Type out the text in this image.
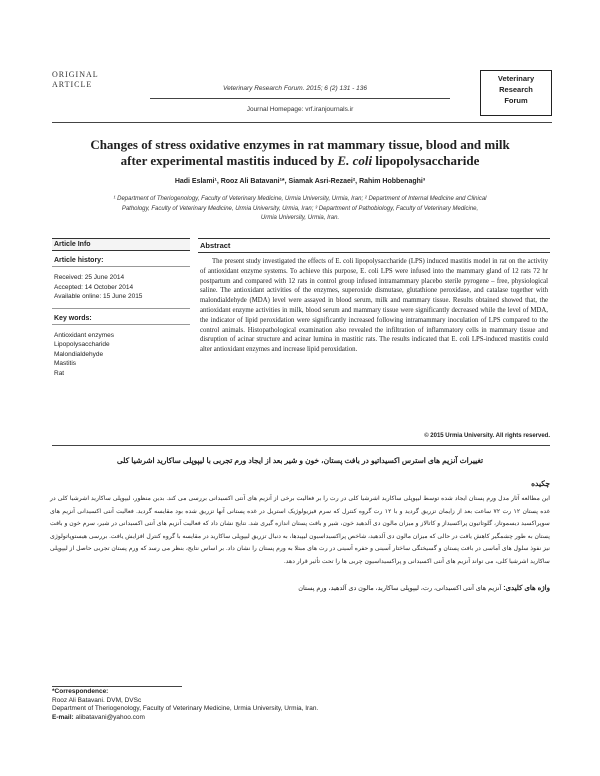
ORIGINAL
ARTICLE	Veterinary Research Forum. 2015; 6 (2) 131 - 136
Journal Homepage: vrf.iranjournals.ir
Veterinary
Research
Forum
Changes of stress oxidative enzymes in rat mammary tissue, blood and milk
after experimental mastitis induced by E. coli lipopolysaccharide
Hadi Eslami¹, Rooz Ali Batavani¹*, Siamak Asri-Rezaei², Rahim Hobbenaghi³
¹ Department of Theriogenology, Faculty of Veterinary Medicine, Urmia University, Urmia, Iran; ² Department of Internal Medicine and Clinical
Pathology, Faculty of Veterinary Medicine, Urmia University, Urmia, Iran; ³ Department of Pathobiology, Faculty of Veterinary Medicine,
Urmia University, Urmia, Iran.
Article Info
Article history:
Received: 25 June 2014
Accepted: 14 October 2014
Available online: 15 June 2015
Key words:
Antioxidant enzymes
Lipopolysaccharide
Malondialdehyde
Mastitis
Rat
Abstract
The present study investigated the effects of E. coli lipopolysaccharide (LPS) induced mastitis model in rat on the activity of antioxidant enzyme systems. To achieve this purpose, E. coli LPS were infused into the mammary gland of 12 rats 72 hr postpartum and compared with 12 rats in control group infused intramammary placebo sterile pyrogene – free, physiological saline. The antioxidant activities of the enzymes, superoxide dismutase, glutathione peroxidase, and catalase together with malondialdehyde (MDA) level were assayed in blood serum, milk and mammary tissue. Results obtained showed that, the antioxidant enzyme activities in milk, blood serum and mammary tissue were significantly decreased while the level of MDA, the indicator of lipid peroxidation were significantly increased following intramammary inoculation of LPS compared to the control animals. Histopathological examination also revealed the infiltration of inflammatory cells in mammary tissue and disruption of acinar structure and acinar lumina in mastitic rats. The results indicated that E. coli LPS-induced mastitis could alter antioxidant enzymes and increase lipid peroxidation.
© 2015 Urmia University. All rights reserved.
تغییرات آنزیم های استرس اکسیداتیو در بافت پستان، خون و شیر بعد از ایجاد ورم تجربی با لیپوپلی ساکارید اشرشیا کلی
چکیده
این مطالعه آثار مدل ورم پستان ایجاد شده توسط لیپوپلی ساکارید اشرشیا کلی در رت را بر فعالیت برخی از آنزیم های آنتی اکسیدانی بررسی می کند. بدین منظور، لیپوپلی ساکارید اشرشیا کلی در غده پستان ۱۲ رت ۷۲ ساعت بعد از زایمان تزریق گردید و با ۱۲ رت گروه کنترل که سرم فیزیولوژیک استریل در غده پستانی آنها تزریق شده بود مقایسه گردید. فعالیت آنتی اکسیدانی آنزیم های سوپراکسید دیسموتاز، گلوتاتیون پراکسیداز و کاتالاز و میزان مالون دی آلدهید خون، شیر و بافت پستان اندازه گیری شد. نتایج نشان داد که فعالیت آنزیم های آنتی اکسیدانی در شیر، سرم خون و بافت پستان به طور چشمگیر کاهش یافت در حالی که میزان مالون دی آلدهید، شاخص پراکسیداسیون لیپیدها، به دنبال تزریق لیپوپلی ساکارید در مقایسه با گروه کنترل افزایش یافت. بررسی هیستوپاتولوژی نیز نفوذ سلول های آماسی در بافت پستان و گسیختگی ساختار آسینی و حفره آسینی در رت های مبتلا به ورم پستان را نشان داد. بر اساس نتایج، بنظر می رسد که ورم پستان تجربی حاصل از لیپوپلی ساکارید اشرشیا کلی، می تواند آنزیم های آنتی اکسیدانی و پراکسیداسیون چربی ها را تحت تأثیر قرار دهد.
واژه های کلیدی: آنزیم های آنتی اکسیدانی، رت، لیپوپلی ساکارید، مالون دی آلدهید، ورم پستان
*Correspondence:
Rooz Ali Batavani. DVM, DVSc
Department of Theriogenology, Faculty of Veterinary Medicine, Urmia University, Urmia, Iran.
E-mail: alibatavani@yahoo.com
